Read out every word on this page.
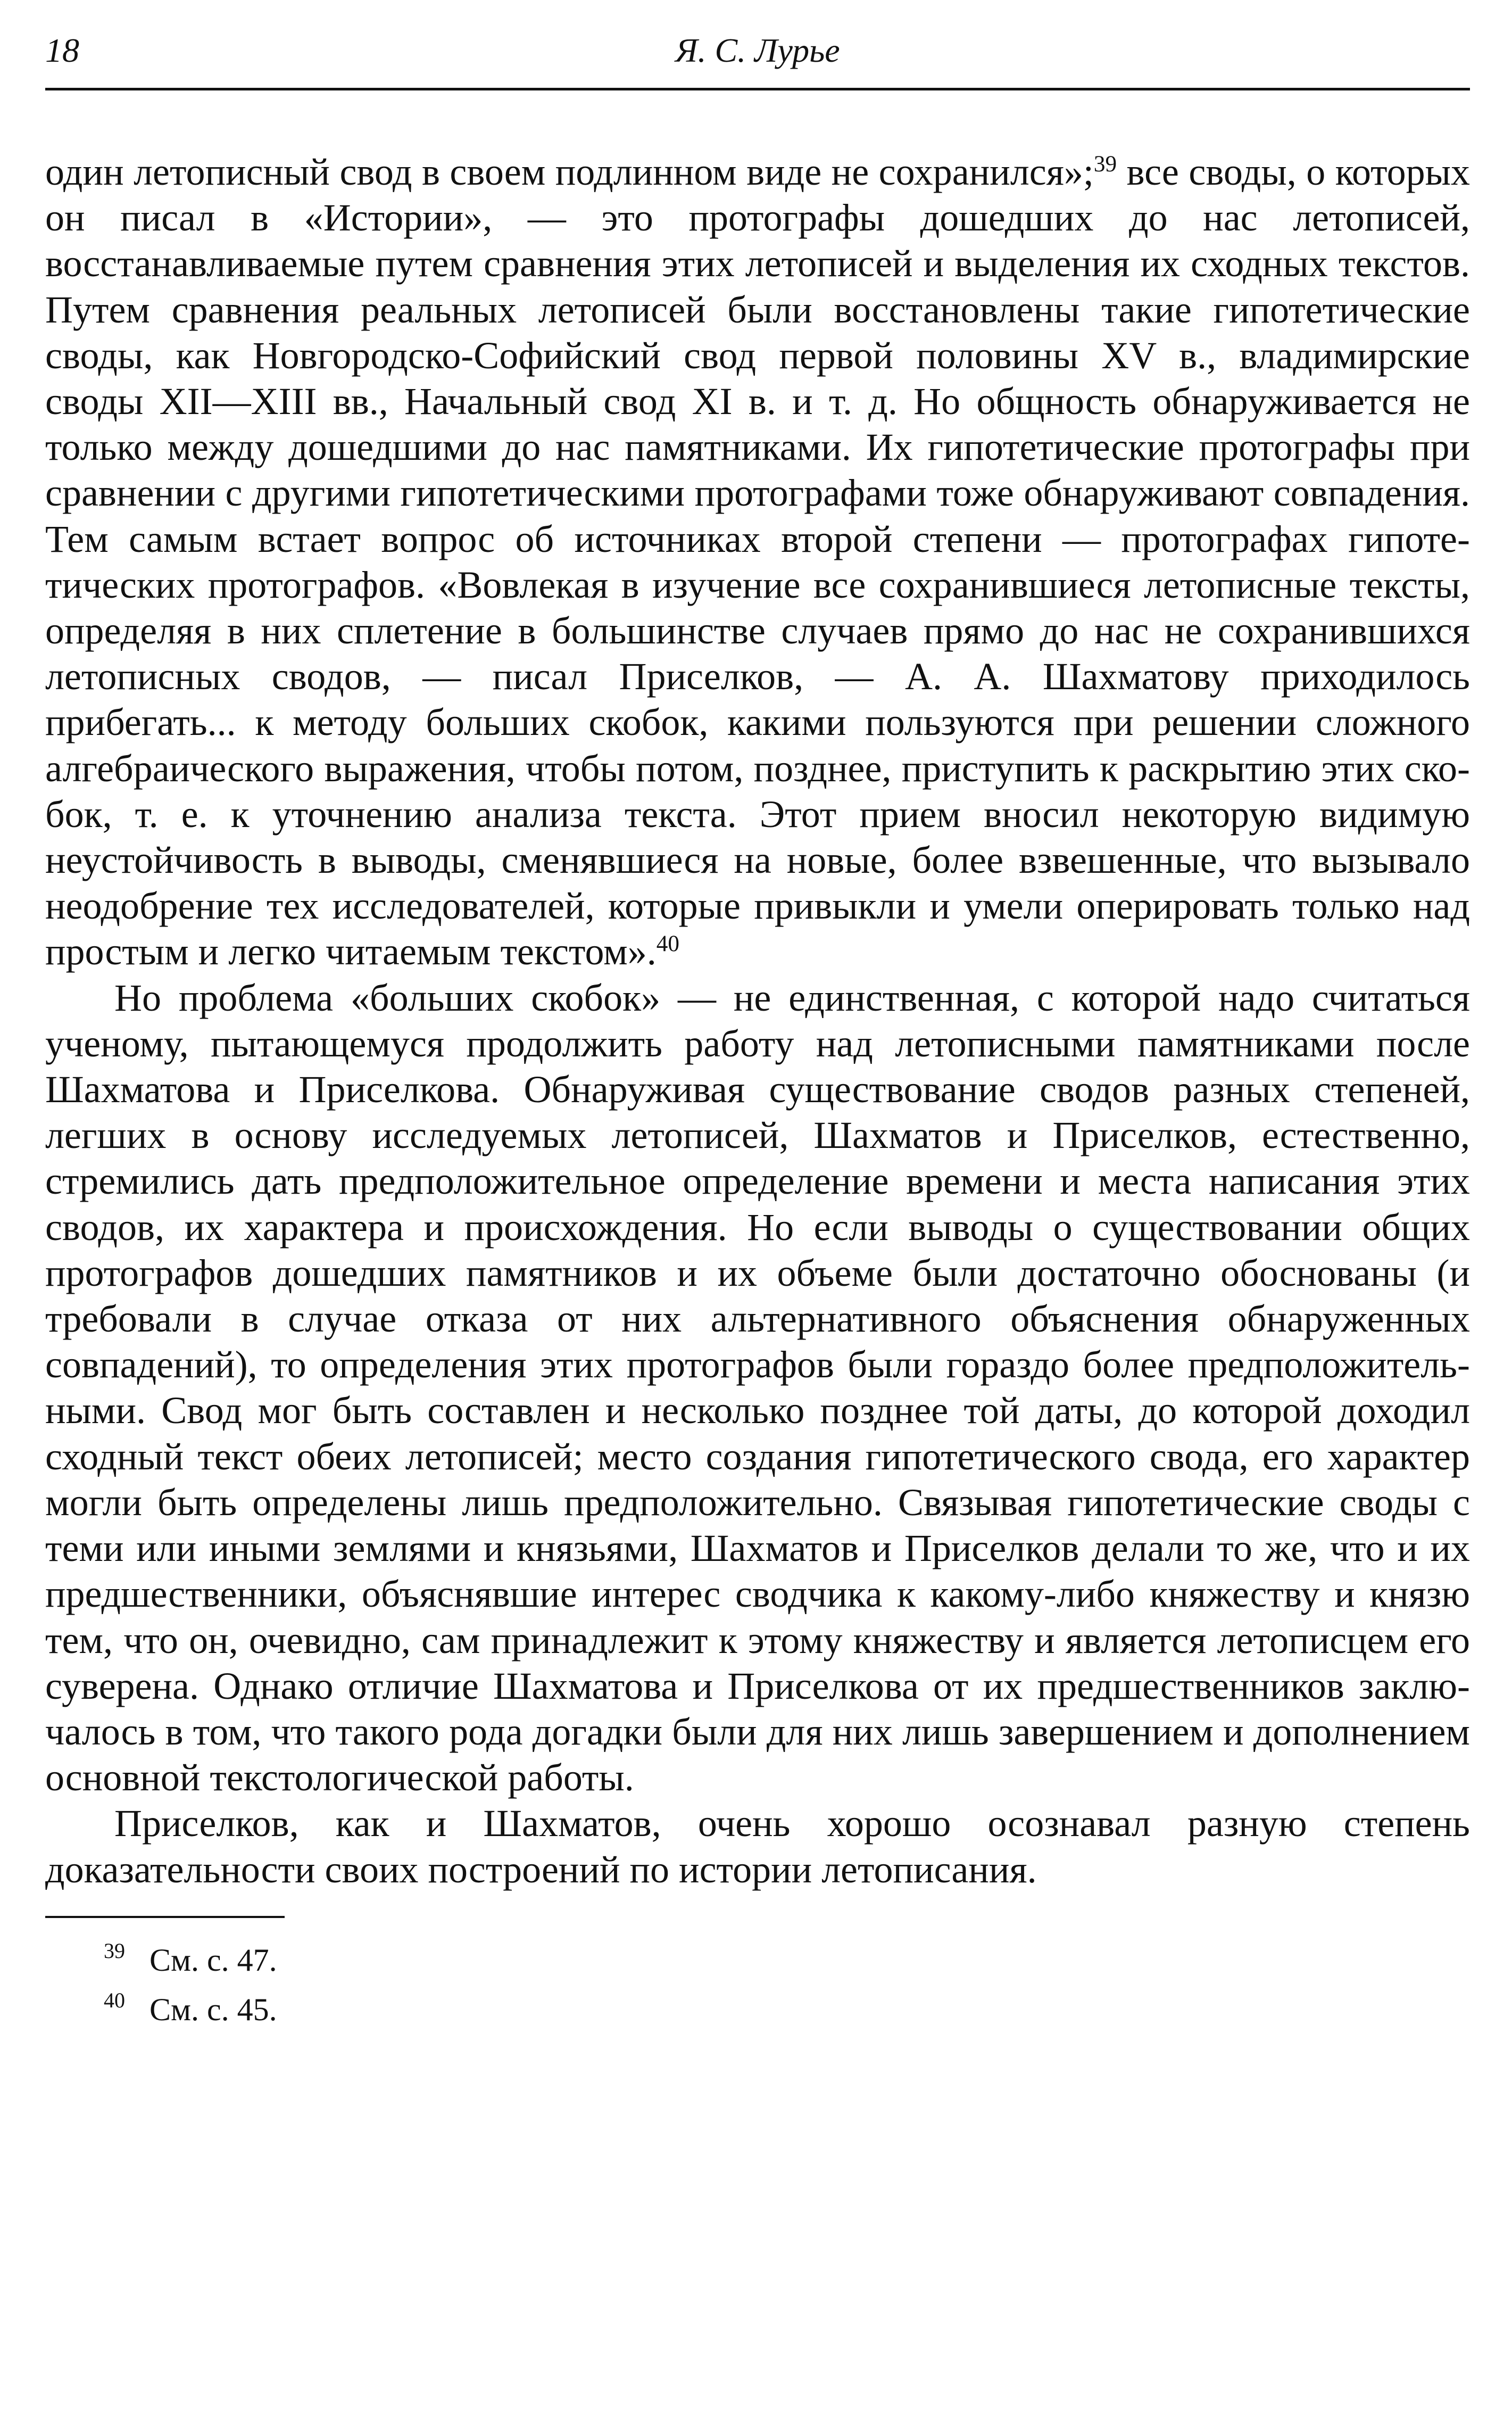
18	Я. С. Лурье

один летописный свод в своем подлинном виде не сохранился»;$^{39}$ все своды, о которых он писал в «Истории», — это протографы дошедших до нас летописей, восстанавливаемые путем сравнения этих летописей и выделения их сходных текстов. Путем сравнения реальных летописей были восстановлены такие гипотетические своды, как Новгородско-Софийский свод первой половины XV в., владимирские своды XII—XIII вв., Начальный свод XI в. и т. д. Но общность обнаруживается не только между дошедшими до нас памятниками. Их гипотетические протографы при сравнении с другими гипотетическими протографами тоже обнаруживают совпадения. Тем самым встает вопрос об источниках второй степени — протографах гипотетических протографов. «Вовлекая в изучение все сохранившиеся летописные тексты, определяя в них сплетение в большинстве случаев прямо до нас не сохранившихся летописных сводов, — писал Приселков, — А. А. Шахматову приходилось прибегать... к методу больших скобок, какими пользуются при решении сложного алгебраического выражения, чтобы потом, позднее, приступить к раскрытию этих скобок, т. е. к уточнению анализа текста. Этот прием вносил некоторую видимую неустойчивость в выводы, сменявшиеся на новые, более взвешенные, что вызывало неодобрение тех исследователей, которые привыкли и умели оперировать только над простым и легко читаемым текстом».$^{40}$

Но проблема «больших скобок» — не единственная, с которой надо считаться ученому, пытающемуся продолжить работу над летописными памятниками после Шахматова и Приселкова. Обнаруживая существование сводов разных степеней, легших в основу исследуемых летописей, Шахматов и Приселков, естественно, стремились дать предположительное определение времени и места написания этих сводов, их характера и происхождения. Но если выводы о существовании общих протографов дошедших памятников и их объеме были достаточно обоснованы (и требовали в случае отказа от них альтернативного объяснения обнаруженных совпадений), то определения этих протографов были гораздо более предположительными. Свод мог быть составлен и несколько позднее той даты, до которой доходил сходный текст обеих летописей; место создания гипотетического свода, его характер могли быть определены лишь предположительно. Связывая гипотетические своды с теми или иными землями и князьями, Шахматов и Приселков делали то же, что и их предшественники, объяснявшие интерес сводчика к какому-либо княжеству и князю тем, что он, очевидно, сам принадлежит к этому княжеству и является летописцем его суверена. Однако отличие Шахматова и Приселкова от их предшественников заключалось в том, что такого рода догадки были для них лишь завершением и дополнением основной текстологической работы.

Приселков, как и Шахматов, очень хорошо осознавал разную степень доказательности своих построений по истории летописания.

39 См. с. 47.
40 См. с. 45.
